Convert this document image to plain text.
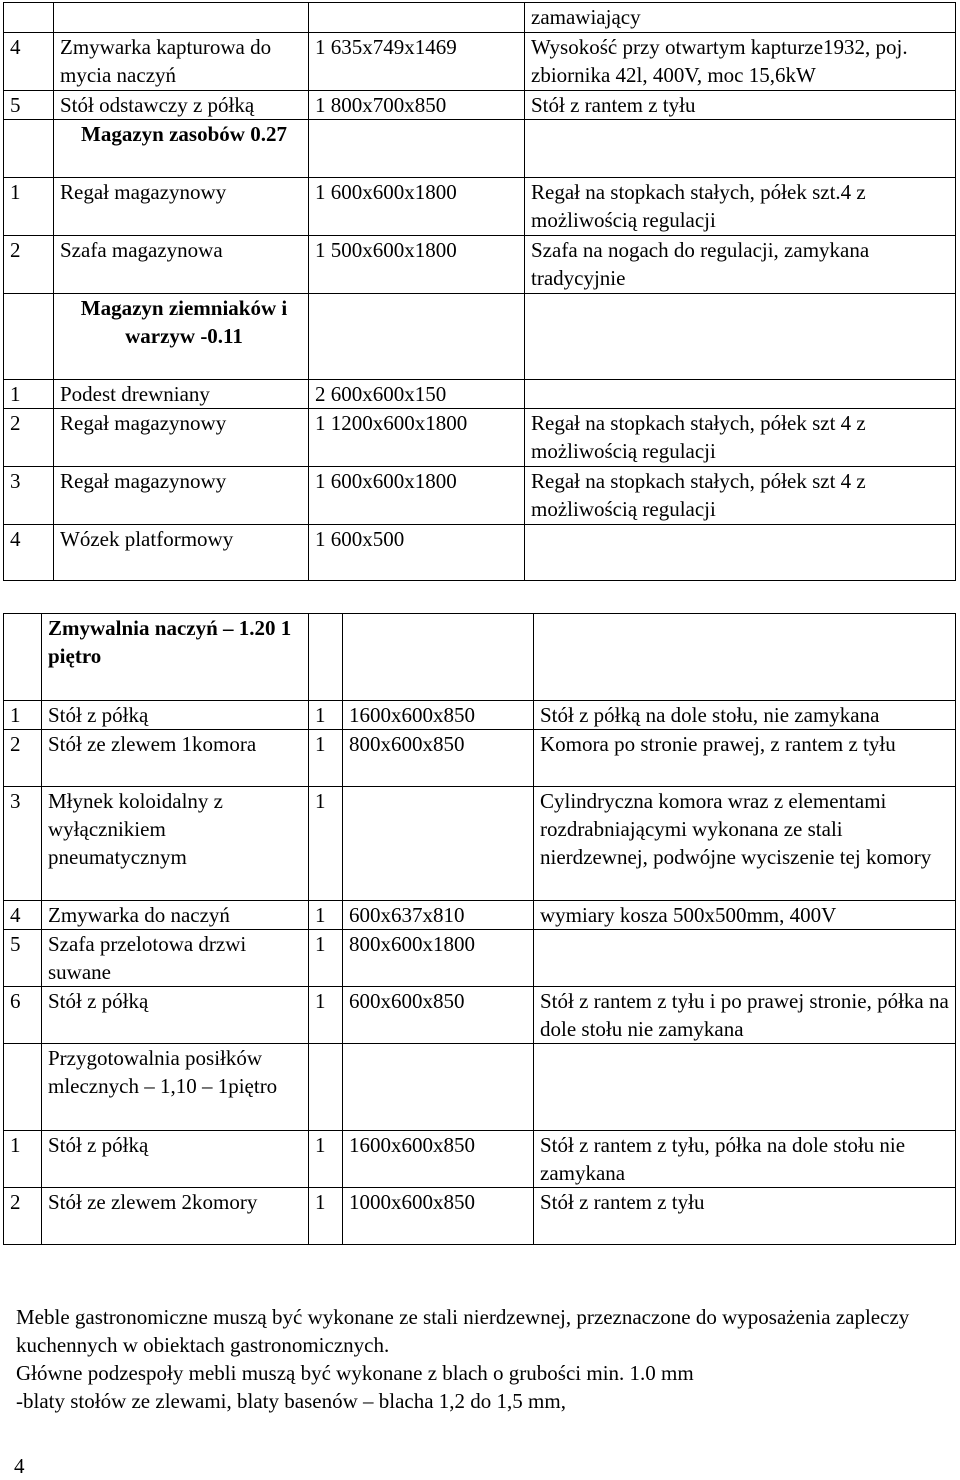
			zamawiający
4	Zmywarka kapturowa do mycia naczyń	1 635x749x1469	Wysokość przy otwartym kapturze1932, poj. zbiornika 42l, 400V, moc 15,6kW
5	Stół odstawczy z półką	1 800x700x850	Stół z rantem z tyłu
	Magazyn zasobów 0.27		
1	Regał magazynowy	1 600x600x1800	Regał na stopkach stałych, półek szt.4 z możliwością regulacji
2	Szafa magazynowa	1 500x600x1800	Szafa na nogach do regulacji, zamykana tradycyjnie
	Magazyn ziemniaków i warzyw -0.11		
1	Podest drewniany	2 600x600x150	
2	Regał magazynowy	1 1200x600x1800	Regał na stopkach stałych, półek szt 4 z możliwością regulacji
3	Regał magazynowy	1 600x600x1800	Regał na stopkach stałych, półek szt 4 z możliwością regulacji
4	Wózek platformowy	1 600x500	
	Zmywalnia naczyń – 1.20 1 piętro			
1	Stół z półką	1	1600x600x850	Stół z półką na dole stołu, nie zamykana
2	Stół ze zlewem 1komora	1	800x600x850	Komora po stronie prawej, z rantem z tyłu
3	Młynek koloidalny z wyłącznikiem pneumatycznym	1		Cylindryczna komora wraz z elementami rozdrabniającymi wykonana ze stali nierdzewnej, podwójne wyciszenie tej komory
4	Zmywarka do naczyń	1	600x637x810	wymiary kosza 500x500mm, 400V
5	Szafa przelotowa drzwi suwane	1	800x600x1800	
6	Stół z półką	1	600x600x850	Stół z rantem z tyłu i po prawej stronie, półka na dole stołu nie zamykana
	Przygotowalnia posiłków mlecznych – 1,10 – 1piętro			
1	Stół z półką	1	1600x600x850	Stół z rantem z tyłu, półka na dole stołu nie zamykana
2	Stół ze zlewem 2komory	1	1000x600x850	Stół z rantem z tyłu
Meble gastronomiczne muszą być wykonane ze stali nierdzewnej, przeznaczone do wyposażenia zapleczy kuchennych w obiektach gastronomicznych.
Główne podzespoły mebli muszą być wykonane z blach o grubości min. 1.0 mm
-blaty stołów ze zlewami, blaty basenów – blacha 1,2 do 1,5 mm,
4
